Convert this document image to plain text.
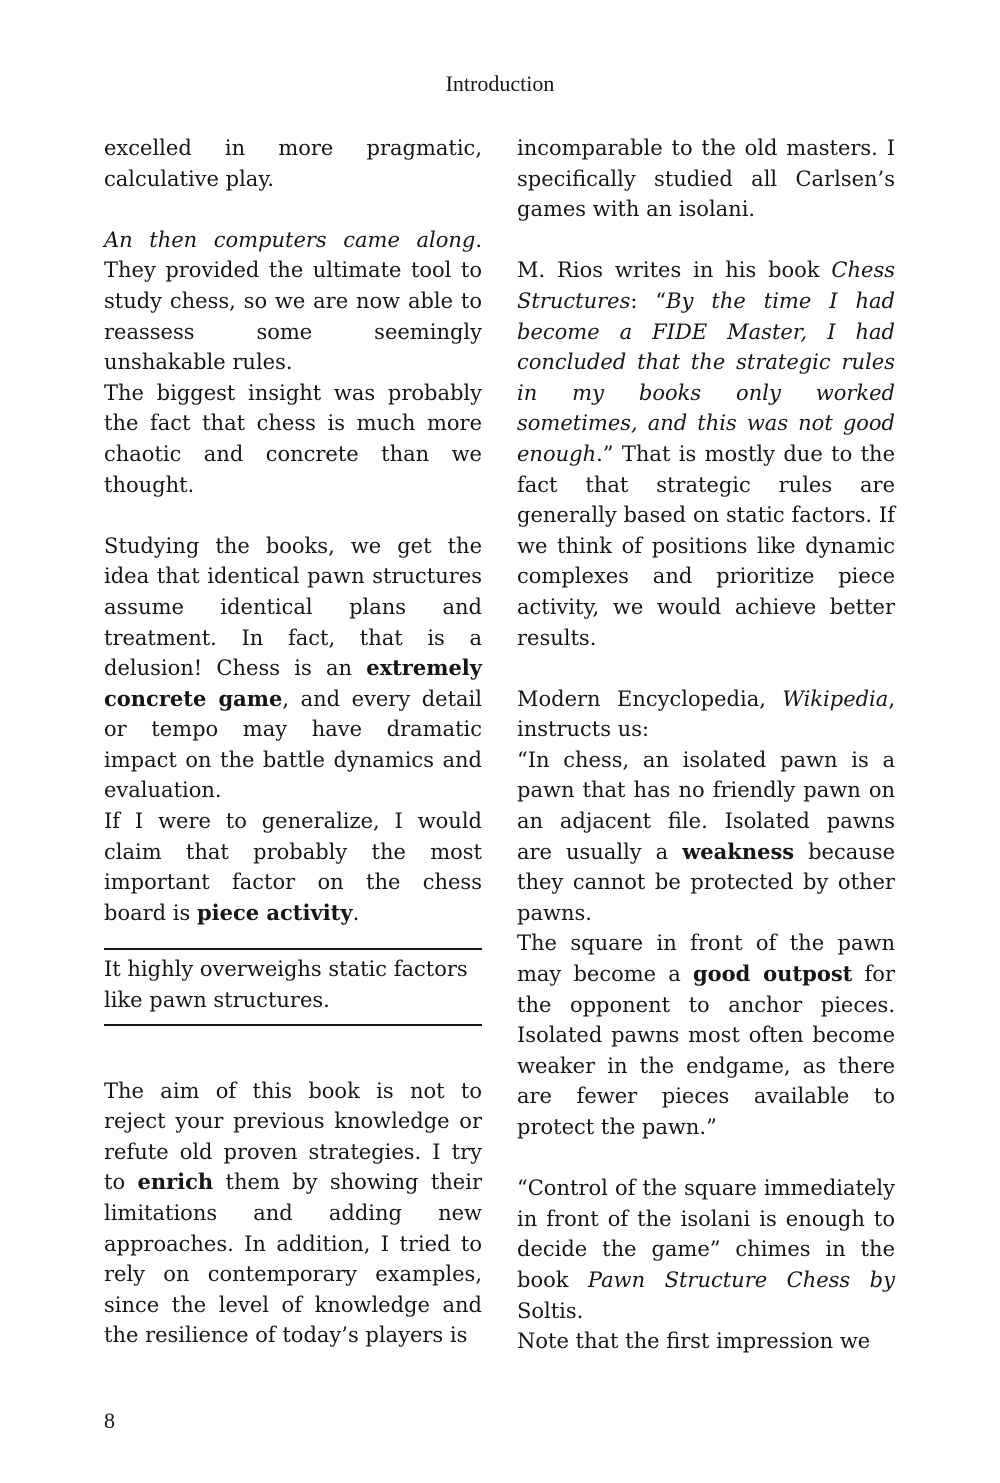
Introduction

excelled in more pragmatic, calculative play.

An then computers came along. They provided the ultimate tool to study chess, so we are now able to reassess some seemingly unshakable rules.

The biggest insight was probably the fact that chess is much more chaotic and concrete than we thought.

Studying the books, we get the idea that identical pawn structures assume identical plans and treatment. In fact, that is a delusion! Chess is an extremely concrete game, and every detail or tempo may have dramatic impact on the battle dynamics and evaluation.

If I were to generalize, I would claim that probably the most important factor on the chess board is piece activity.

It highly overweighs static factors like pawn structures.

The aim of this book is not to reject your previous knowledge or refute old proven strategies. I try to enrich them by showing their limitations and adding new approaches. In addition, I tried to rely on contemporary examples, since the level of knowledge and the resilience of today’s players is

incomparable to the old masters. I specifically studied all Carlsen’s games with an isolani.

M. Rios writes in his book Chess Structures: “By the time I had become a FIDE Master, I had concluded that the strategic rules in my books only worked sometimes, and this was not good enough.” That is mostly due to the fact that strategic rules are generally based on static factors. If we think of positions like dynamic complexes and prioritize piece activity, we would achieve better results.

Modern Encyclopedia, Wikipedia, instructs us:

“In chess, an isolated pawn is a pawn that has no friendly pawn on an adjacent file. Isolated pawns are usually a weakness because they cannot be protected by other pawns.

The square in front of the pawn may become a good outpost for the opponent to anchor pieces. Isolated pawns most often become weaker in the endgame, as there are fewer pieces available to protect the pawn.”

“Control of the square immediately in front of the isolani is enough to decide the game” chimes in the book Pawn Structure Chess by Soltis.

Note that the first impression we

8
